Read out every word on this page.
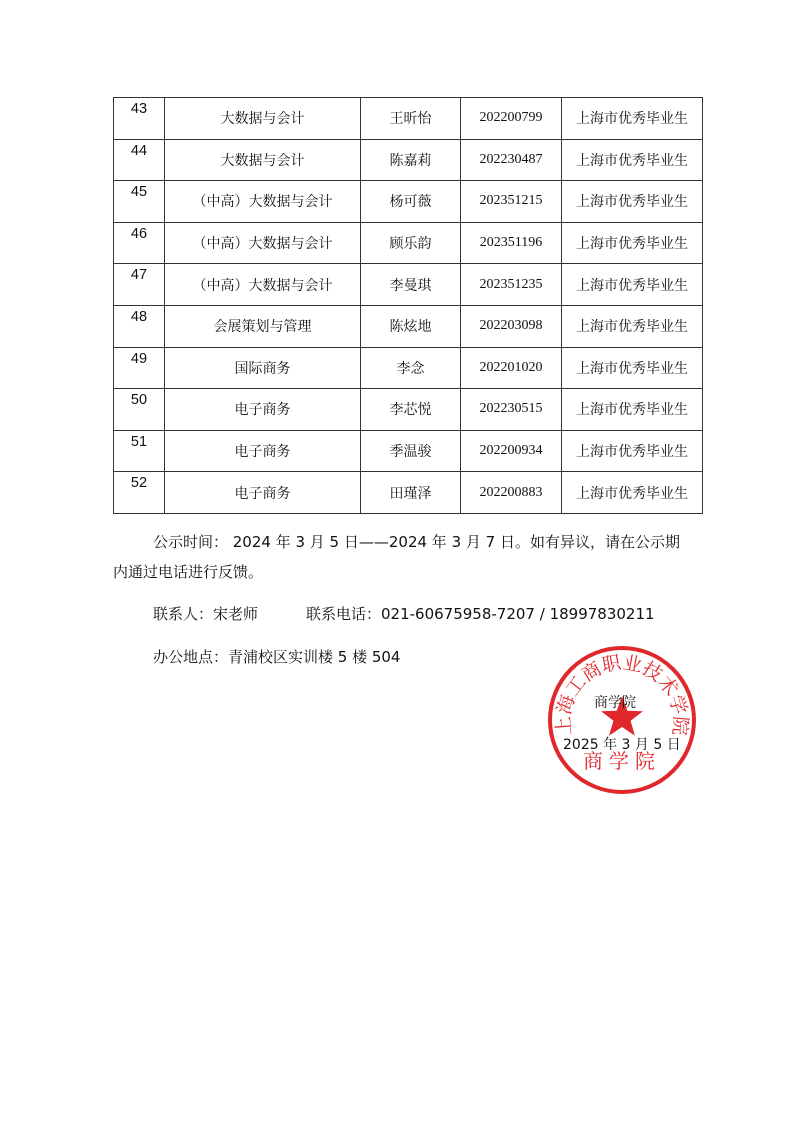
43	大数据与会计	王昕怡	202200799	上海市优秀毕业生
44	大数据与会计	陈嘉莉	202230487	上海市优秀毕业生
45	（中高）大数据与会计	杨可薇	202351215	上海市优秀毕业生
46	（中高）大数据与会计	顾乐韵	202351196	上海市优秀毕业生
47	（中高）大数据与会计	李曼琪	202351235	上海市优秀毕业生
48	会展策划与管理	陈炫地	202203098	上海市优秀毕业生
49	国际商务	李念	202201020	上海市优秀毕业生
50	电子商务	李芯悦	202230515	上海市优秀毕业生
51	电子商务	季温骏	202200934	上海市优秀毕业生
52	电子商务	田瑾泽	202200883	上海市优秀毕业生
公示时间： 2024 年 3 月 5 日——2024 年 3 月 7 日。如有异议，请在公示期
内通过电话进行反馈。
联系人：宋老师	联系电话：021-60675958-7207 / 18997830211
办公地点：青浦校区实训楼 5 楼 504
上海工商职业技术学院
商学院
商学院
2025 年 3 月 5 日
